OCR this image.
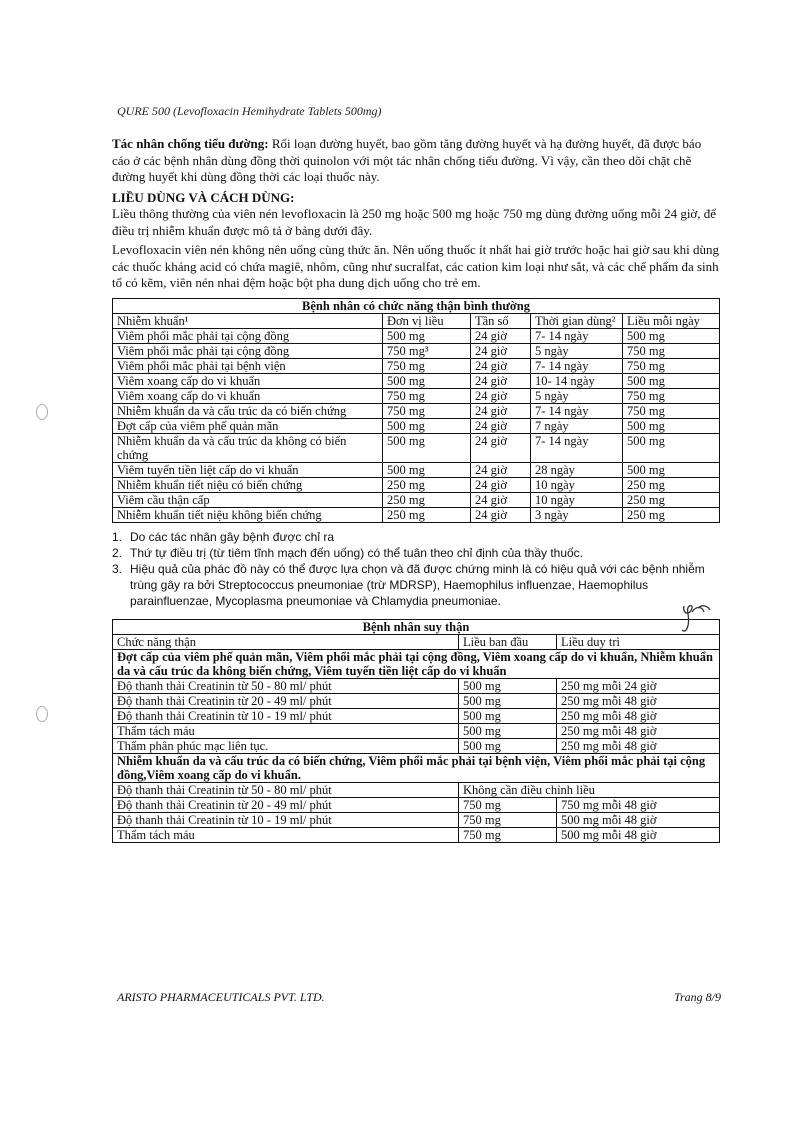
QURE 500 (Levofloxacin Hemihydrate Tablets 500mg)

Tác nhân chống tiểu đường: Rối loạn đường huyết, bao gồm tăng đường huyết và hạ đường huyết, đã được báo cáo ở các bệnh nhân dùng đồng thời quinolon với một tác nhân chống tiểu đường. Vì vậy, cần theo dõi chặt chẽ đường huyết khi dùng đồng thời các loại thuốc này.

LIỀU DÙNG VÀ CÁCH DÙNG:

Liều thông thường của viên nén levofloxacin là 250 mg hoặc 500 mg hoặc 750 mg dùng đường uống mỗi 24 giờ, để điều trị nhiễm khuẩn được mô tả ở bảng dưới đây.

Levofloxacin viên nén không nên uống cùng thức ăn. Nên uống thuốc ít nhất hai giờ trước hoặc hai giờ sau khi dùng các thuốc kháng acid có chứa magiê, nhôm, cũng như sucralfat, các cation kim loại như sắt, và các chế phẩm đa sinh tố có kẽm, viên nén nhai đệm hoặc bột pha dung dịch uống cho trẻ em.

Bệnh nhân có chức năng thận bình thường				
Nhiễm khuẩn¹	Đơn vị liều	Tần số	Thời gian dùng²	Liều mỗi ngày
Viêm phổi mắc phải tại cộng đồng	500 mg	24 giờ	7- 14 ngày	500 mg
Viêm phổi mắc phải tại cộng đồng	750 mg³	24 giờ	5 ngày	750 mg
Viêm phổi mắc phải tại bệnh viện	750 mg	24 giờ	7- 14 ngày	750 mg
Viêm xoang cấp do vi khuẩn	500 mg	24 giờ	10- 14 ngày	500 mg
Viêm xoang cấp do vi khuẩn	750 mg	24 giờ	5 ngày	750 mg
Nhiễm khuẩn da và cấu trúc da có biến chứng	750 mg	24 giờ	7- 14 ngày	750 mg
Đợt cấp của viêm phế quản mãn	500 mg	24 giờ	7 ngày	500 mg
Nhiễm khuẩn da và cấu trúc da không có biến chứng	500 mg	24 giờ	7- 14 ngày	500 mg
Viêm tuyến tiền liệt cấp do vi khuẩn	500 mg	24 giờ	28 ngày	500 mg
Nhiễm khuẩn tiết niệu có biến chứng	250 mg	24 giờ	10 ngày	250 mg
Viêm cầu thận cấp	250 mg	24 giờ	10 ngày	250 mg
Nhiễm khuẩn tiết niệu không biến chứng	250 mg	24 giờ	3 ngày	250 mg
1. Do các tác nhân gây bệnh được chỉ ra
2. Thứ tự điều trị (từ tiêm tĩnh mạch đến uống) có thể tuân theo chỉ định của thầy thuốc.
3. Hiệu quả của phác đồ này có thể được lựa chọn và đã được chứng minh là có hiệu quả với các bệnh nhiễm trùng gây ra bởi Streptococcus pneumoniae (trừ MDRSP), Haemophilus influenzae, Haemophilus parainfluenzae, Mycoplasma pneumoniae và Chlamydia pneumoniae.
Bệnh nhân suy thận		
Chức năng thận	Liều ban đầu	Liều duy trì
Đợt cấp của viêm phế quản mãn, Viêm phổi mắc phải tại cộng đồng, Viêm xoang cấp do vi khuẩn, Nhiễm khuẩn da và cấu trúc da không biến chứng, Viêm tuyến tiền liệt cấp do vi khuẩn		
Độ thanh thải Creatinin từ 50 - 80 ml/ phút	500 mg	250 mg mỗi 24 giờ
Độ thanh thải Creatinin từ 20 - 49 ml/ phút	500 mg	250 mg mỗi 48 giờ
Độ thanh thải Creatinin từ 10 - 19 ml/ phút	500 mg	250 mg mỗi 48 giờ
Thẩm tách máu	500 mg	250 mg mỗi 48 giờ
Thẩm phân phúc mạc liên tục.	500 mg	250 mg mỗi 48 giờ
Nhiễm khuẩn da và cấu trúc da có biến chứng, Viêm phổi mắc phải tại bệnh viện, Viêm phổi mắc phải tại cộng đồng,Viêm xoang cấp do vi khuẩn.		
Độ thanh thải Creatinin từ 50 - 80 ml/ phút	Không cần điều chỉnh liều	
Độ thanh thải Creatinin từ 20 - 49 ml/ phút	750 mg	750 mg mỗi 48 giờ
Độ thanh thải Creatinin từ 10 - 19 ml/ phút	750 mg	500 mg mỗi 48 giờ
Thẩm tách máu	750 mg	500 mg mỗi 48 giờ
ARISTO PHARMACEUTICALS PVT. LTD.	Trang 8/9
